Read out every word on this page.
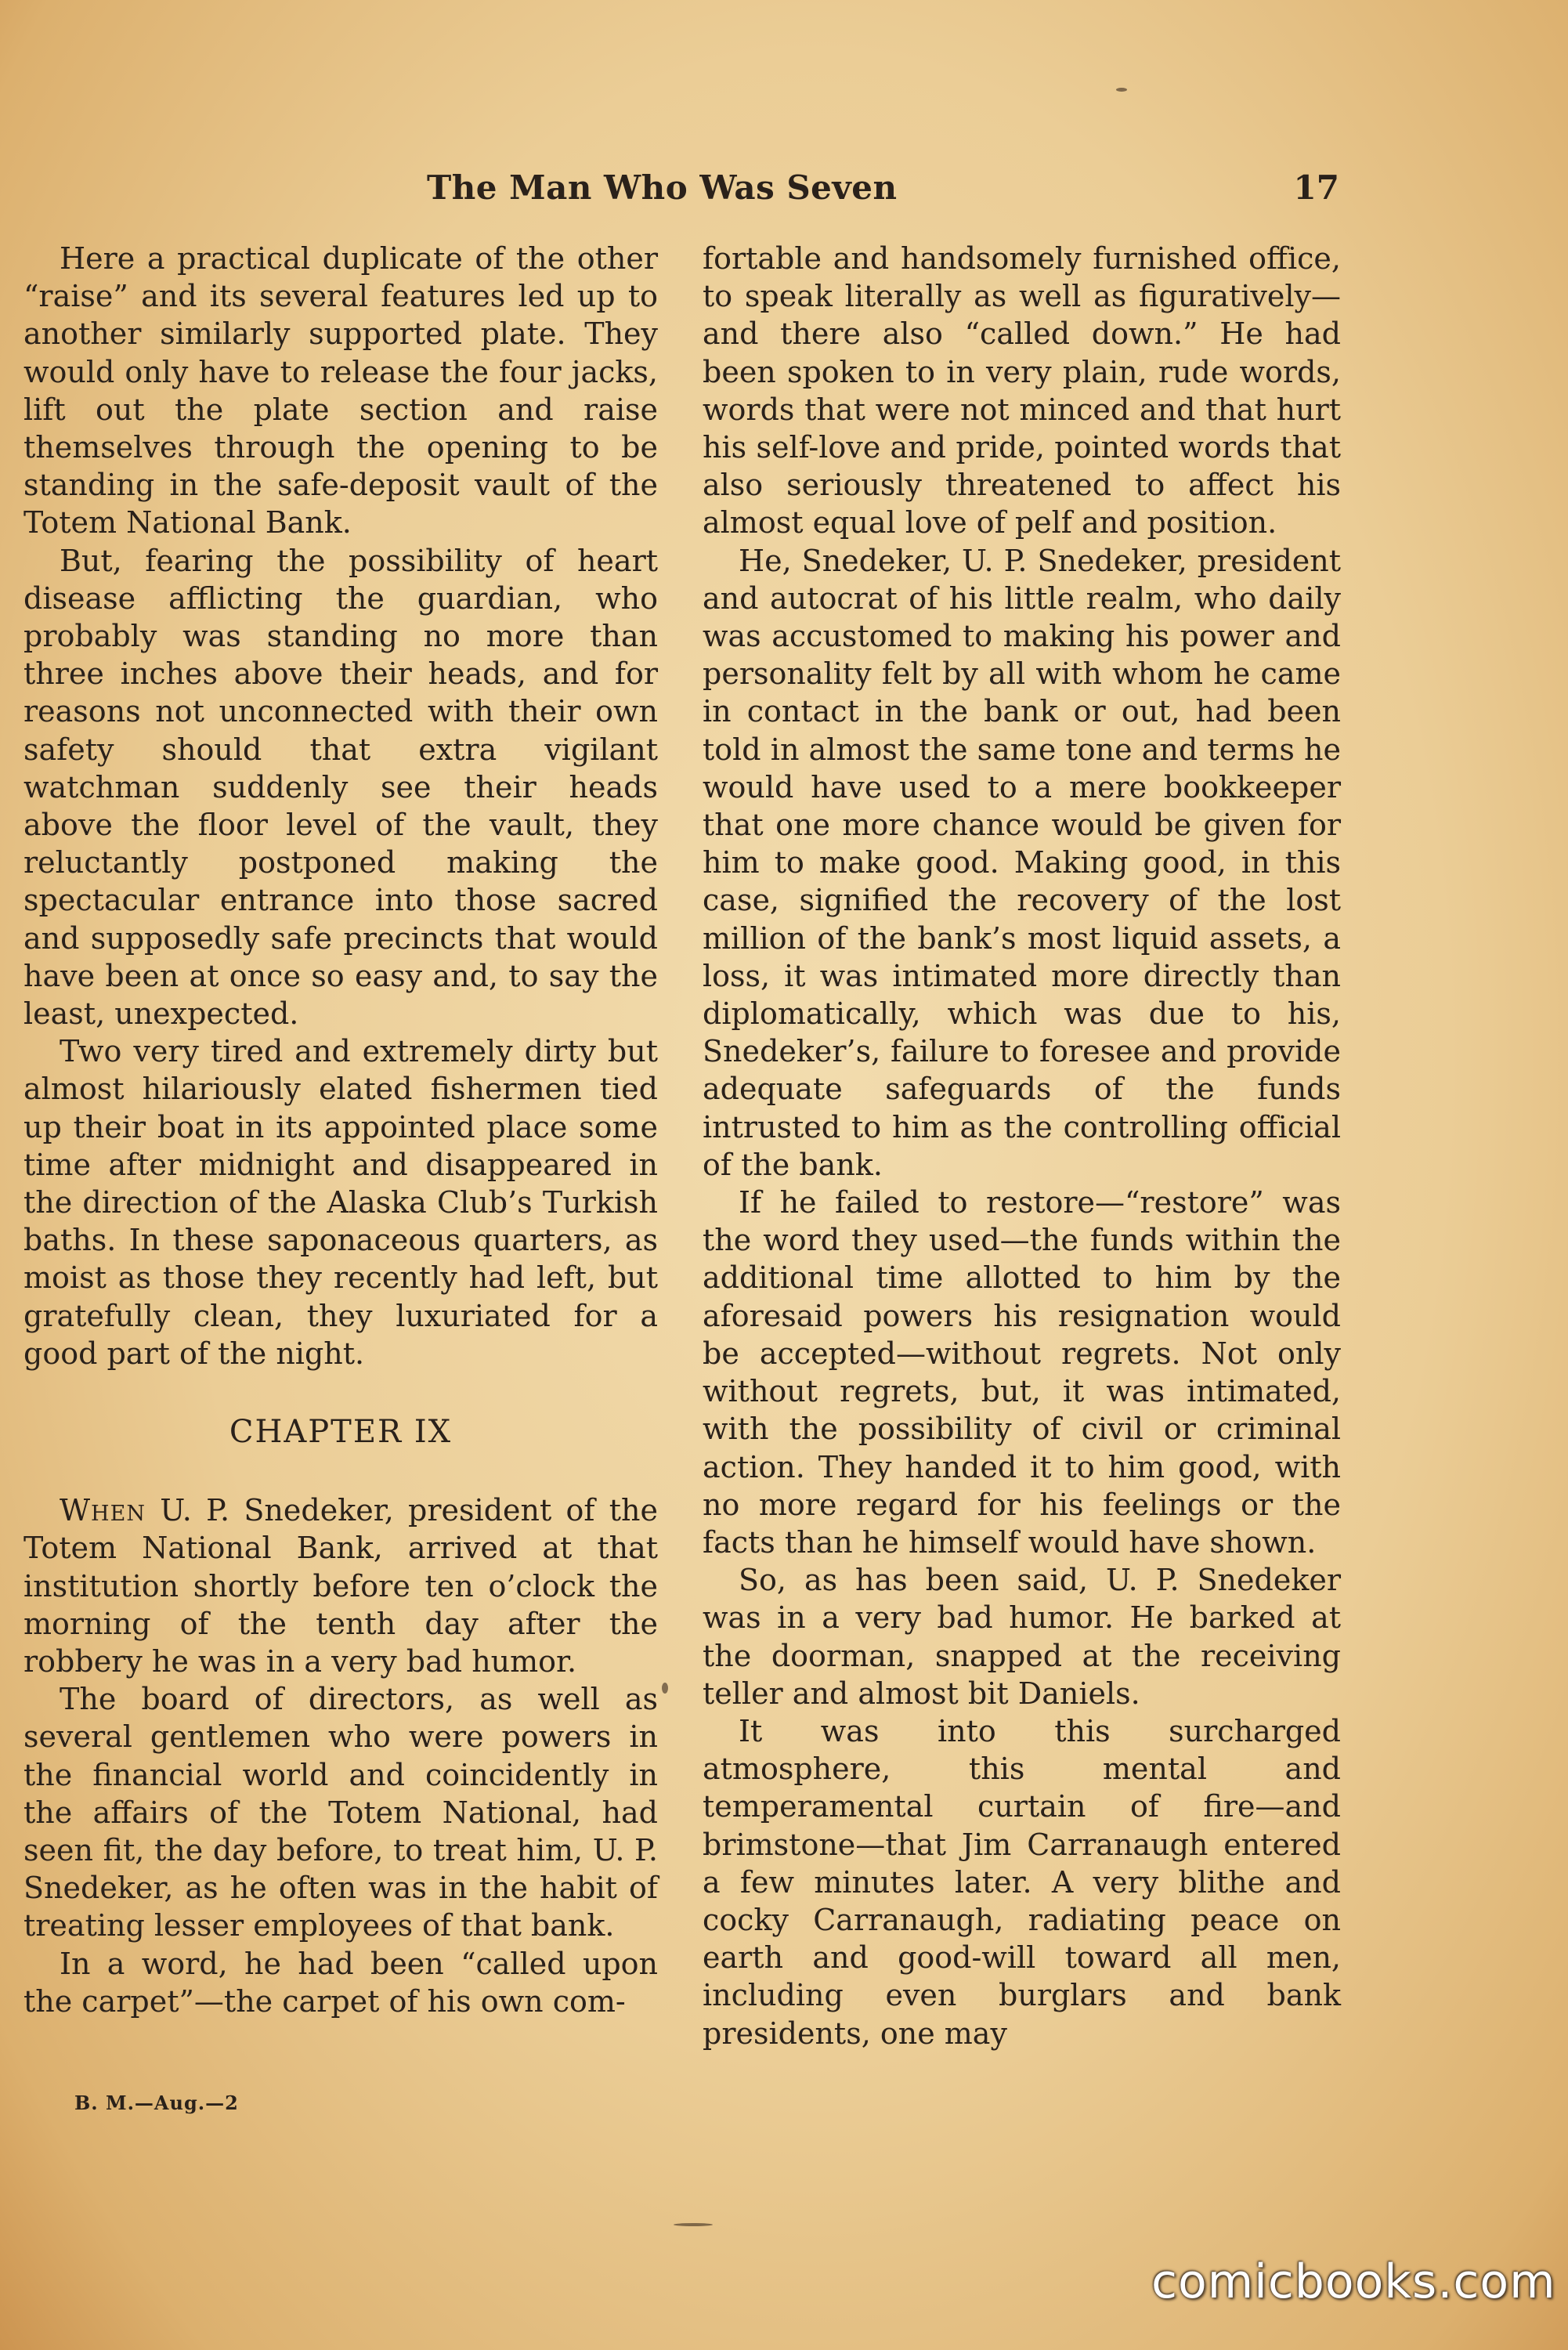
The Man Who Was Seven	17

Here a practical duplicate of the other “raise” and its several features led up to another similarly supported plate. They would only have to release the four jacks, lift out the plate section and raise themselves through the opening to be standing in the safe-deposit vault of the Totem National Bank.

But, fearing the possibility of heart disease afflicting the guardian, who probably was standing no more than three inches above their heads, and for reasons not unconnected with their own safety should that extra vigilant watchman suddenly see their heads above the floor level of the vault, they reluctantly postponed making the spectacular entrance into those sacred and supposedly safe precincts that would have been at once so easy and, to say the least, unexpected.

Two very tired and extremely dirty but almost hilariously elated fishermen tied up their boat in its appointed place some time after midnight and disappeared in the direction of the Alaska Club’s Turkish baths. In these saponaceous quarters, as moist as those they recently had left, but gratefully clean, they luxuriated for a good part of the night.

CHAPTER IX

When U. P. Snedeker, president of the Totem National Bank, arrived at that institution shortly before ten o’clock the morning of the tenth day after the robbery he was in a very bad humor.

The board of directors, as well as several gentlemen who were powers in the financial world and coincidently in the affairs of the Totem National, had seen fit, the day before, to treat him, U. P. Snedeker, as he often was in the habit of treating lesser employees of that bank.

In a word, he had been “called upon the carpet”—the carpet of his own com-

fortable and handsomely furnished office, to speak literally as well as figuratively—and there also “called down.” He had been spoken to in very plain, rude words, words that were not minced and that hurt his self-love and pride, pointed words that also seriously threatened to affect his almost equal love of pelf and position.

He, Snedeker, U. P. Snedeker, president and autocrat of his little realm, who daily was accustomed to making his power and personality felt by all with whom he came in contact in the bank or out, had been told in almost the same tone and terms he would have used to a mere bookkeeper that one more chance would be given for him to make good. Making good, in this case, signified the recovery of the lost million of the bank’s most liquid assets, a loss, it was intimated more directly than diplomatically, which was due to his, Snedeker’s, failure to foresee and provide adequate safeguards of the funds intrusted to him as the controlling official of the bank.

If he failed to restore—“restore” was the word they used—the funds within the additional time allotted to him by the aforesaid powers his resignation would be accepted—without regrets. Not only without regrets, but, it was intimated, with the possibility of civil or criminal action. They handed it to him good, with no more regard for his feelings or the facts than he himself would have shown.

So, as has been said, U. P. Snedeker was in a very bad humor. He barked at the doorman, snapped at the receiving teller and almost bit Daniels.

It was into this surcharged atmosphere, this mental and temperamental curtain of fire—and brimstone—that Jim Carranaugh entered a few minutes later. A very blithe and cocky Carranaugh, radiating peace on earth and good-will toward all men, including even burglars and bank presidents, one may

B. M.—Aug.—2
comicbooks.com
